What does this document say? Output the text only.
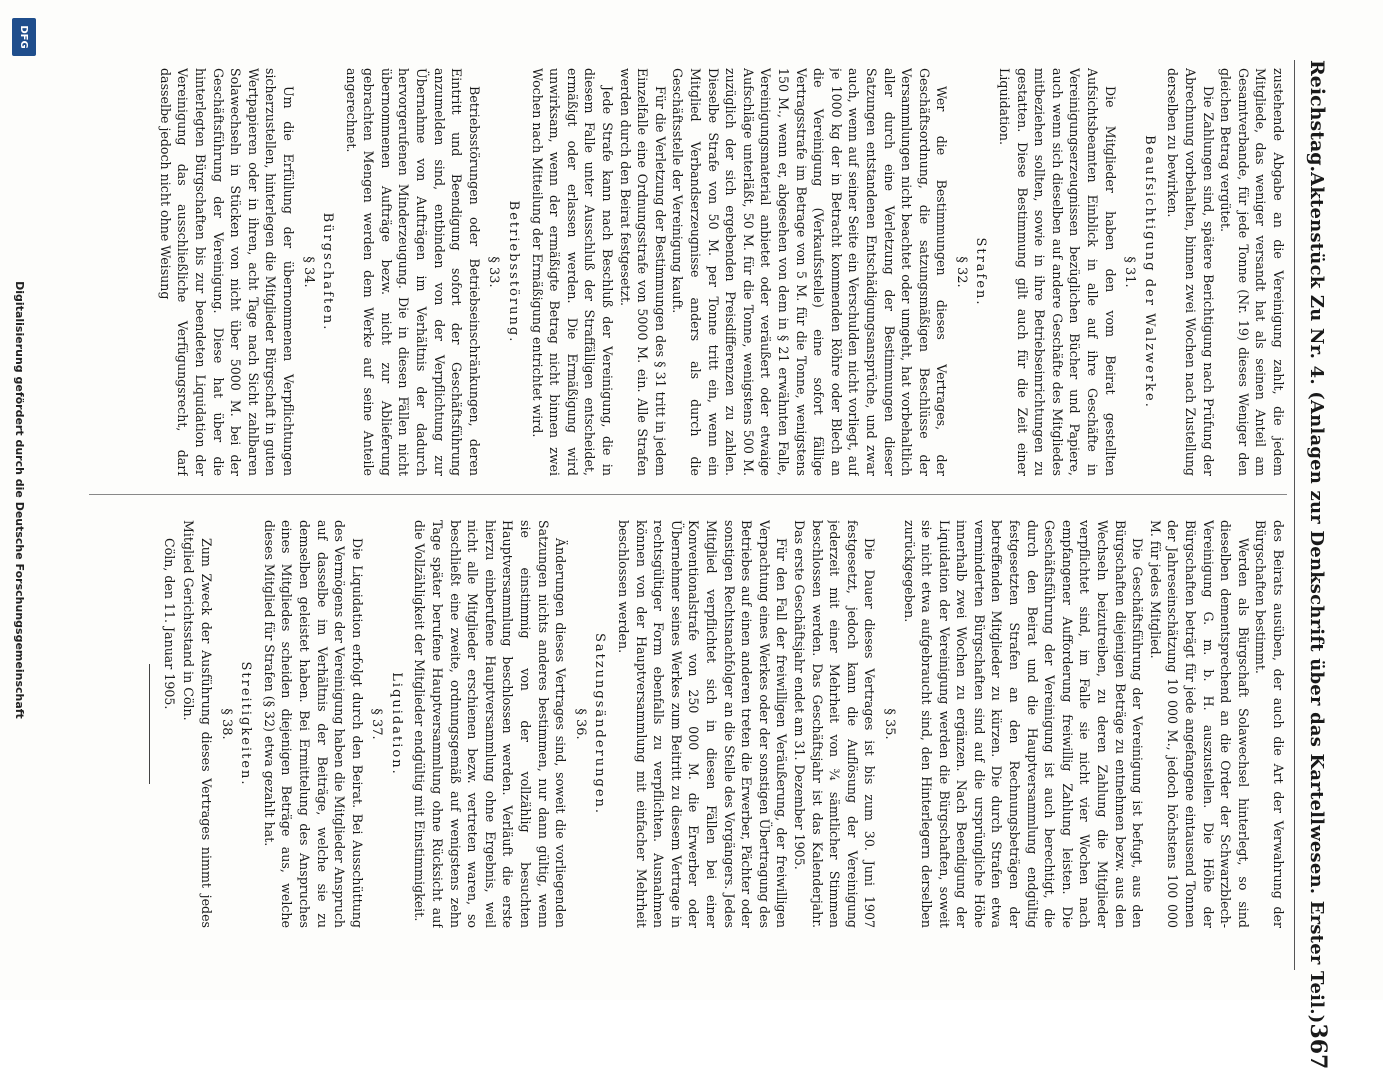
Reichstag.
Aktenstück Zu Nr. 4. (Anlagen zur Denkschrift über das Kartellwesen. Erster Teil.)
367

zustehende Abgabe an die Vereinigung zahlt, die jedem Mitgliede, das weniger versandt hat als seinen Anteil am Gesamtverbande, für jede Tonne (Nr. 19) dieses Weniger den gleichen Betrag vergütet.

Die Zahlungen sind, spätere Berichtigung nach Prüfung der Abrechnung vorbehalten, binnen zwei Wochen nach Zustellung derselben zu bewirken.

Beaufsichtigung der Walzwerke.
§ 31.

Die Mitglieder haben den vom Beirat gestellten Aufsichtsbeamten Einblick in alle auf ihre Geschäfte in Vereinigungserzeugnissen bezüglichen Bücher und Papiere, auch wenn sich dieselben auf andere Geschäfte des Mitgliedes mitbeziehen sollten, sowie in ihre Betriebseinrichtungen zu gestatten. Diese Bestimmung gilt auch für die Zeit einer Liquidation.

Strafen.
§ 32.

Wer die Bestimmungen dieses Vertrages, der Geschäftsordnung, die satzungsmäßigen Beschlüsse der Versammlungen nicht beachtet oder umgeht, hat vorbehaltlich aller durch eine Verletzung der Bestimmungen dieser Satzungen entstandenen Entschädigungsansprüche, und zwar auch, wenn auf seiner Seite ein Verschulden nicht vorliegt, auf je 1000 kg der in Betracht kommenden Röhre oder Blech an die Vereinigung (Verkaufsstelle) eine sofort fällige Vertragsstrafe im Betrage von 5 M. für die Tonne, wenigstens 150 M., wenn er, abgesehen von dem in § 21 erwähnten Falle, Vereinigungsmaterial anbietet oder veräußert oder etwaige Aufschläge unterläßt, 50 M. für die Tonne, wenigstens 500 M. zuzüglich der sich ergebenden Preisdifferenzen zu zahlen. Dieselbe Strafe von 50 M. per Tonne tritt ein, wenn ein Mitglied Verbandserzeugnisse anders als durch die Geschäftsstelle der Vereinigung kauft.

Für die Verletzung der Bestimmungen des § 31 tritt in jedem Einzelfalle eine Ordnungsstrafe von 5000 M. ein. Alle Strafen werden durch den Beirat festgesetzt.

Jede Strafe kann nach Beschluß der Vereinigung, die in diesem Falle unter Ausschluß der Straffälligen entscheidet, ermäßigt oder erlassen werden. Die Ermäßigung wird unwirksam, wenn der ermäßigte Betrag nicht binnen zwei Wochen nach Mitteilung der Ermäßigung entrichtet wird.

Betriebsstörung.
§ 33.

Betriebsstörungen oder Betriebseinschränkungen, deren Eintritt und Beendigung sofort der Geschäftsführung anzumelden sind, entbinden von der Verpflichtung zur Übernahme von Aufträgen im Verhältnis der dadurch hervorgerufenen Minderzeugung. Die in diesen Fällen nicht übernommenen Aufträge bezw. nicht zur Ablieferung gebrachten Mengen werden dem Werke auf seine Anteile angerechnet.

Bürgschaften.
§ 34.

Um die Erfüllung der übernommenen Verpflichtungen sicherzustellen, hinterlegen die Mitglieder Bürgschaft in guten Wertpapieren oder in ihren, acht Tage nach Sicht zahlbaren Solawechseln in Stücken von nicht über 5000 M. bei der Geschäftsführung der Vereinigung. Diese hat über die hinterlegten Bürgschaften bis zur beendeten Liquidation der Vereinigung das ausschließliche Verfügungsrecht, darf dasselbe jedoch nicht ohne Weisung

des Beirats ausüben, der auch die Art der Verwahrung der Bürgschaften bestimmt.

Werden als Bürgschaft Solawechsel hinterlegt, so sind dieselben dementsprechend an die Order der Schwarzblech-Vereinigung G. m. b. H. auszustellen. Die Höhe der Bürgschaften beträgt für jede angefangene eintausend Tonnen der Jahreseinschätzung 10 000 M., jedoch höchstens 100 000 M. für jedes Mitglied.

Die Geschäftsführung der Vereinigung ist befugt, aus den Bürgschaften diejenigen Beträge zu entnehmen bezw. aus den Wechseln beizutreiben, zu deren Zahlung die Mitglieder verpflichtet sind, im Falle sie nicht vier Wochen nach empfangener Aufforderung freiwillig Zahlung leisten. Die Geschäftsführung der Vereinigung ist auch berechtigt, die durch den Beirat und die Hauptversammlung endgültig festgesetzten Strafen an den Rechnungsbeträgen der betreffenden Mitglieder zu kürzen. Die durch Strafen etwa verminderten Bürgschaften sind auf die ursprüngliche Höhe innerhalb zwei Wochen zu ergänzen. Nach Beendigung der Liquidation der Vereinigung werden die Bürgschaften, soweit sie nicht etwa aufgebraucht sind, den Hinterlegern derselben zurückgegeben.

§ 35.

Die Dauer dieses Vertrages ist bis zum 30. Juni 1907 festgesetzt, jedoch kann die Auflösung der Vereinigung jederzeit mit einer Mehrheit von ¾ sämtlicher Stimmen beschlossen werden. Das Geschäftsjahr ist das Kalenderjahr. Das erste Geschäftsjahr endet am 31. Dezember 1905.

Für den Fall der freiwilligen Veräußerung, der freiwilligen Verpachtung eines Werkes oder der sonstigen Übertragung des Betriebes auf einen anderen treten die Erwerber, Pächter oder sonstigen Rechtsnachfolger an die Stelle des Vorgängers. Jedes Mitglied verpflichtet sich in diesen Fällen bei einer Konventionalstrafe von 250 000 M. die Erwerber oder Übernehmer seines Werkes zum Beitritt zu diesem Vertrage in rechtsgültiger Form ebenfalls zu verpflichten. Ausnahmen können von der Hauptversammlung mit einfacher Mehrheit beschlossen werden.

Satzungsänderungen.
§ 36.

Änderungen dieses Vertrages sind, soweit die vorliegenden Satzungen nichts anderes bestimmen, nur dann gültig, wenn sie einstimmig von der vollzählig besuchten Hauptversammlung beschlossen werden. Verläuft die erste hierzu einberufene Hauptversammlung ohne Ergebnis, weil nicht alle Mitglieder erschienen bezw. vertreten waren, so beschließt eine zweite, ordnungsgemäß auf wenigstens zehn Tage später berufene Hauptversammlung ohne Rücksicht auf die Vollzähligkeit der Mitglieder endgültig mit Einstimmigkeit.

Liquidation.
§ 37.

Die Liquidation erfolgt durch den Beirat. Bei Ausschüttung des Vermögens der Vereinigung haben die Mitglieder Anspruch auf dasselbe im Verhältnis der Beiträge, welche sie zu demselben geleistet haben. Bei Ermittelung des Anspruches eines Mitgliedes scheiden diejenigen Beträge aus, welche dieses Mitglied für Strafen (§ 32) etwa gezahlt hat.

Streitigkeiten.
§ 38.

Zum Zweck der Ausführung dieses Vertrages nimmt jedes Mitglied Gerichtsstand in Cöln.

Cöln, den 11. Januar 1905.

DFG
Digitalisierung gefördert durch die Deutsche Forschungsgemeinschaft
